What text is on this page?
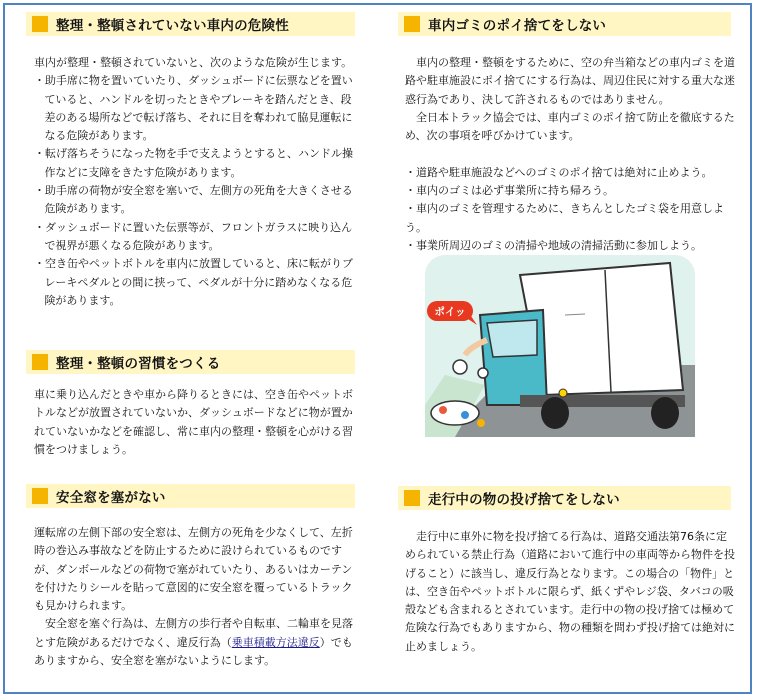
整理・整頓されていない車内の危険性

車内が整理・整頓されていないと、次のような危険が生じます。

・助手席に物を置いていたり、ダッシュボードに伝票などを置いていると、ハンドルを切ったときやブレーキを踏んだとき、段差のある場所などで転げ落ち、それに目を奪われて脇見運転になる危険があります。

・転げ落ちそうになった物を手で支えようとすると、ハンドル操作などに支障をきたす危険があります。

・助手席の荷物が安全窓を塞いで、左側方の死角を大きくさせる危険があります。

・ダッシュボードに置いた伝票等が、フロントガラスに映り込んで視界が悪くなる危険があります。

・空き缶やペットボトルを車内に放置していると、床に転がりブレーキペダルとの間に挟って、ペダルが十分に踏めなくなる危険があります。

整理・整頓の習慣をつくる

車に乗り込んだときや車から降りるときには、空き缶やペットボトルなどが放置されていないか、ダッシュボードなどに物が置かれていないかなどを確認し、常に車内の整理・整頓を心がける習慣をつけましょう。

安全窓を塞がない

運転席の左側下部の安全窓は、左側方の死角を少なくして、左折時の巻込み事故などを防止するために設けられているものですが、ダンボールなどの荷物で塞がれていたり、あるいはカーテンを付けたりシールを貼って意図的に安全窓を覆っているトラックも見かけられます。

安全窓を塞ぐ行為は、左側方の歩行者や自転車、二輪車を見落とす危険があるだけでなく、違反行為（乗車積載方法違反）でもありますから、安全窓を塞がないようにします。

車内ゴミのポイ捨てをしない

車内の整理・整頓をするために、空の弁当箱などの車内ゴミを道路や駐車施設にポイ捨てにする行為は、周辺住民に対する重大な迷惑行為であり、決して許されるものではありません。

全日本トラック協会では、車内ゴミのポイ捨て防止を徹底するため、次の事項を呼びかけています。

・道路や駐車施設などへのゴミのポイ捨ては絶対に止めよう。

・車内のゴミは必ず事業所に持ち帰ろう。

・車内のゴミを管理するために、きちんとしたゴミ袋を用意しよう。

・事業所周辺のゴミの清掃や地域の清掃活動に参加しよう。

ポイッ
走行中の物の投げ捨てをしない

走行中に車外に物を投げ捨てる行為は、道路交通法第76条に定められている禁止行為（道路において進行中の車両等から物件を投げること）に該当し、違反行為となります。この場合の「物件」とは、空き缶やペットボトルに限らず、紙くずやレジ袋、タバコの吸殻なども含まれるとされています。走行中の物の投げ捨ては極めて危険な行為でもありますから、物の種類を問わず投げ捨ては絶対に止めましょう。
